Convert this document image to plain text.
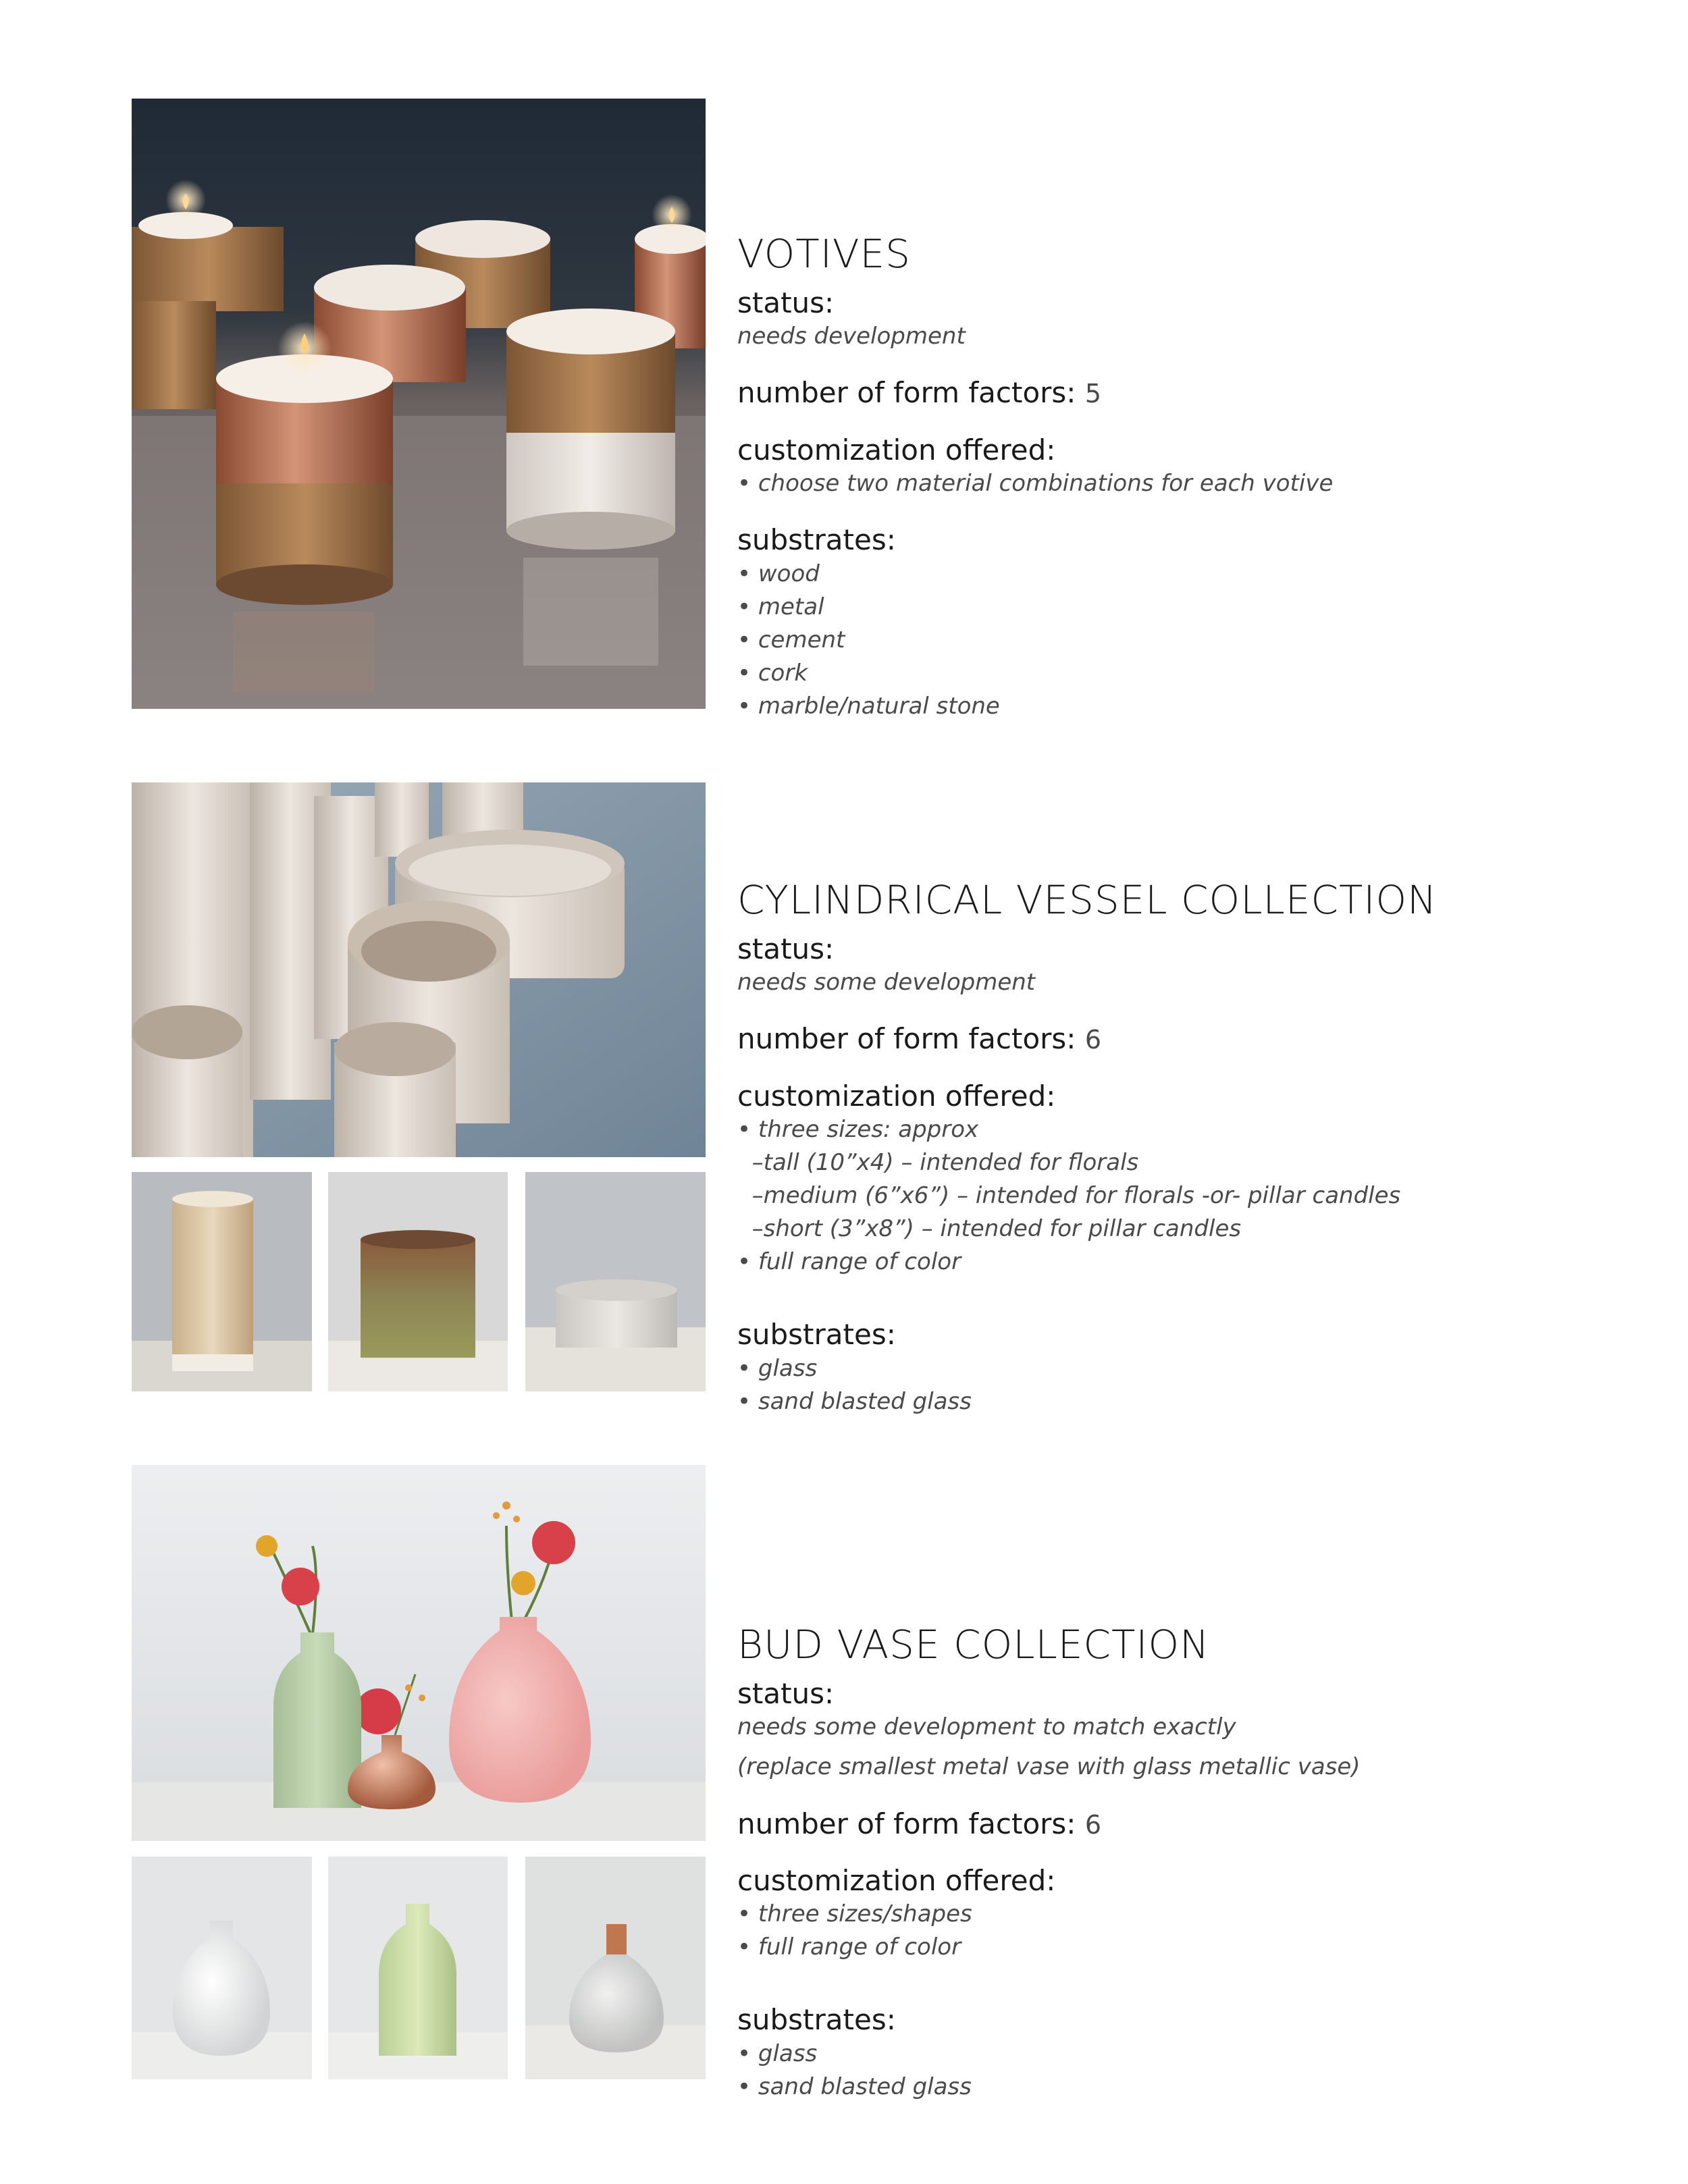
VOTIVES
status:
needs development
number of form factors: 5
customization offered:
• choose two material combinations for each votive
substrates:
• wood
• metal
• cement
• cork
• marble/natural stone
CYLINDRICAL VESSEL COLLECTION
status:
needs some development
number of form factors: 6
customization offered:
• three sizes: approx
–tall (10”x4) – intended for florals
–medium (6”x6”) – intended for florals -or- pillar candles
–short (3”x8”) – intended for pillar candles
• full range of color
substrates:
• glass
• sand blasted glass
BUD VASE COLLECTION
status:
needs some development to match exactly
(replace smallest metal vase with glass metallic vase)
number of form factors: 6
customization offered:
• three sizes/shapes
• full range of color
substrates:
• glass
• sand blasted glass
